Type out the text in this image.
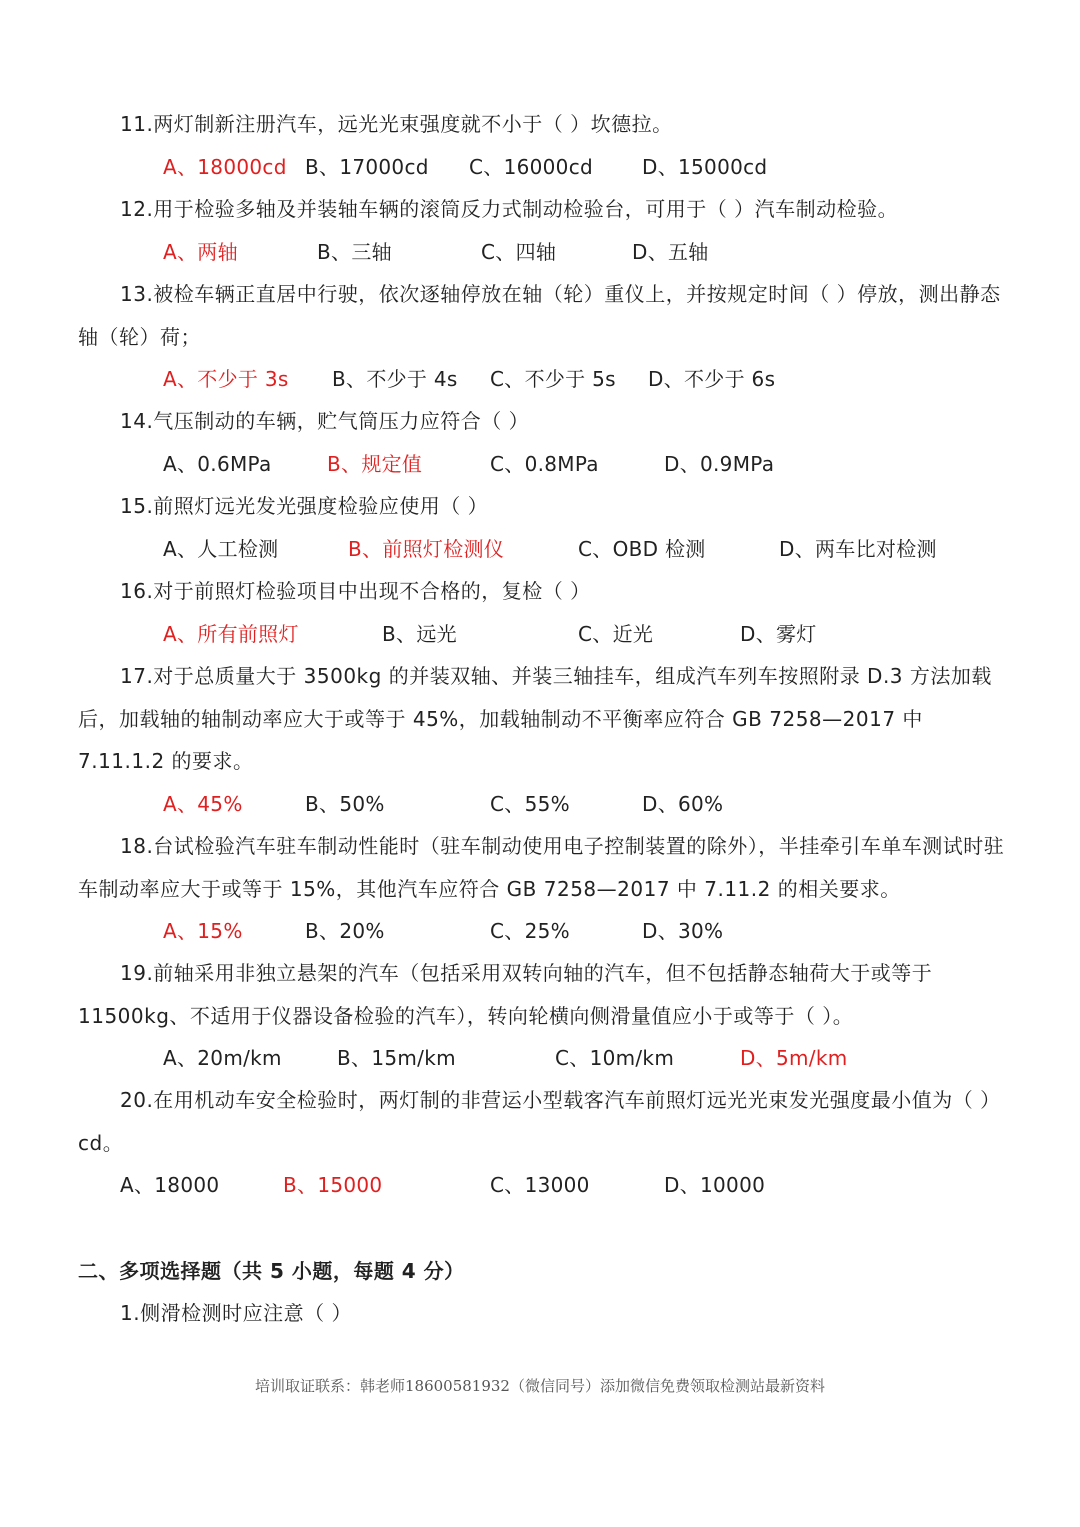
11.两灯制新注册汽车，远光光束强度就不小于（ ）坎德拉。
A、18000cd B、17000cd C、16000cd D、15000cd
12.用于检验多轴及并装轴车辆的滚筒反力式制动检验台，可用于（ ）汽车制动检验。
A、两轴	B、三轴	C、四轴	D、五轴
13.被检车辆正直居中行驶，依次逐轴停放在轴（轮）重仪上，并按规定时间（ ）停放，测出静态轴（轮）荷；
A、不少于 3s B、不少于 4s C、不少于 5s D、不少于 6s
14.气压制动的车辆，贮气筒压力应符合（ ）
A、0.6MPa	B、规定值	C、0.8MPa	D、0.9MPa
15.前照灯远光发光强度检验应使用（ ）
A、人工检测	B、前照灯检测仪	C、OBD 检测	D、两车比对检测
16.对于前照灯检验项目中出现不合格的，复检（ ）
A、所有前照灯	B、远光	C、近光	D、雾灯
17.对于总质量大于 3500kg 的并装双轴、并装三轴挂车，组成汽车列车按照附录 D.3 方法加载后，加载轴的轴制动率应大于或等于 45%，加载轴制动不平衡率应符合 GB 7258—2017 中 7.11.1.2 的要求。
A、45%	B、50%	C、55%	D、60%
18.台试检验汽车驻车制动性能时（驻车制动使用电子控制装置的除外），半挂牵引车单车测试时驻车制动率应大于或等于 15%，其他汽车应符合 GB 7258—2017 中 7.11.2 的相关要求。
A、15%	B、20%	C、25%	D、30%
19.前轴采用非独立悬架的汽车（包括采用双转向轴的汽车，但不包括静态轴荷大于或等于 11500kg、不适用于仪器设备检验的汽车），转向轮横向侧滑量值应小于或等于（ ）。
A、20m/km	B、15m/km	C、10m/km	D、5m/km
20.在用机动车安全检验时，两灯制的非营运小型载客汽车前照灯远光光束发光强度最小值为（ ）cd。
A、18000	B、15000	C、13000	D、10000
二、多项选择题（共 5 小题，每题 4 分）
1.侧滑检测时应注意（ ）
培训取证联系：韩老师18600581932（微信同号）添加微信免费领取检测站最新资料
